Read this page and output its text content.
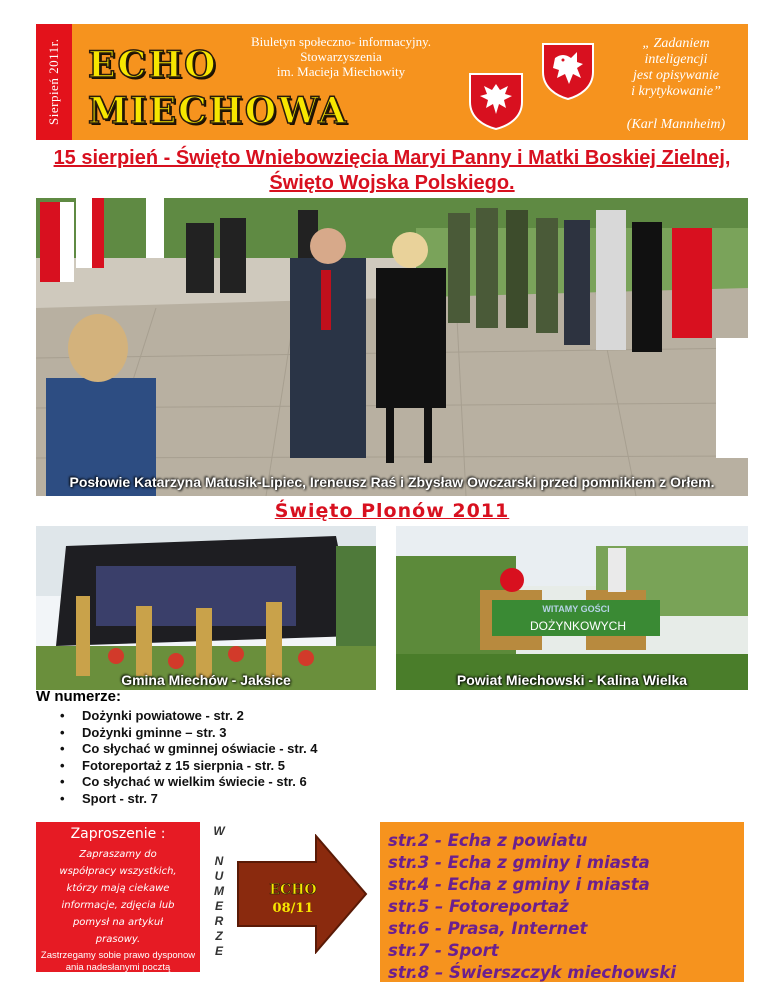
Sierpień 2011r. ECHO
MIECHOWA
Biuletyn społeczno- informacyjny.
Stowarzyszenia
im. Macieja Miechowity
„ Zadaniem
inteligencji
jest opisywanie
i krytykowanie”
(Karl Mannheim)
15 sierpień - Święto Wniebowzięcia Maryi Panny i Matki Boskiej Zielnej,
Święto Wojska Polskiego.
Posłowie Katarzyna Matusik-Lipiec, Ireneusz Raś i Zbysław Owczarski przed pomnikiem z Orłem.
Święto Plonów 2011
Gmina Miechów - Jaksice
WITAMY GOŚCI
DOŻYNKOWYCH
Powiat Miechowski - Kalina Wielka
W numerze:
• Dożynki powiatowe - str. 2
• Dożynki gminne – str. 3
• Co słychać w gminnej oświacie - str. 4
• Fotoreportaż z 15 sierpnia - str. 5
• Co słychać w wielkim świecie - str. 6
• Sport - str. 7
Zaproszenie :
Zapraszamy do
współpracy wszystkich,
którzy mają ciekawe
informacje, zdjęcia lub
pomysł na artykuł
prasowy.
Zastrzegamy sobie prawo dysponow ania nadesłanymi pocztą materiałami.
W

N
U
M
E
R
Z
E
ECHO
08/11
str.2 - Echa z powiatu
str.3 - Echa z gminy i miasta
str.4 - Echa z gminy i miasta
str.5 – Fotoreportaż
str.6 - Prasa, Internet
str.7 - Sport
str.8 – Świerszczyk miechowski
